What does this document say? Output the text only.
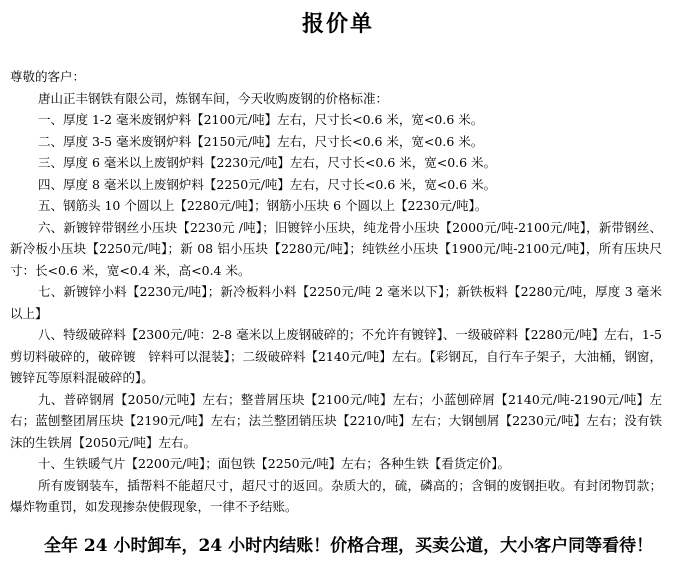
报价单

尊敬的客户：

唐山正丰钢铁有限公司，炼钢车间，今天收购废钢的价格标准：

一、厚度 1-2 毫米废钢炉料【2100元/吨】左右，尺寸长<0.6 米，宽<0.6 米。

二、厚度 3-5 毫米废钢炉料【2150元/吨】左右，尺寸长<0.6 米，宽<0.6 米。

三、厚度 6 毫米以上废钢炉料【2230元/吨】左右，尺寸长<0.6 米，宽<0.6 米。

四、厚度 8 毫米以上废钢炉料【2250元/吨】左右，尺寸长<0.6 米，宽<0.6 米。

五、钢筋头 10 个圆以上【2280元/吨】；钢筋小压块 6 个圆以上【2230元/吨】。

六、新镀锌带钢丝小压块【2230元 /吨】；旧镀锌小压块，纯龙骨小压块【2000元/吨-2100元/吨】，新带钢丝、新冷板小压块【2250元/吨】；新 08 铝小压块【2280元/吨】；纯铁丝小压块【1900元/吨-2100元/吨】，所有压块尺寸：长<0.6 米，宽<0.4 米，高<0.4 米。

七、新镀锌小料【2230元/吨】；新冷板料小料【2250元/吨 2 毫米以下】；新铁板料【2280元/吨，厚度 3 毫米以上】

八、特级破碎料【2300元/吨：2-8 毫米以上废钢破碎的；不允许有镀锌】、一级破碎料【2280元/吨】左右，1-5 剪切料破碎的，破碎镀　锌料可以混装】；二级破碎料【2140元/吨】左右。【彩钢瓦，自行车子架子，大油桶，钢窗，镀锌瓦等原料混破碎的】。

九、普碎钢屑【2050/元吨】左右；整普屑压块【2100元/吨】左右；小蓝刨碎屑【2140元/吨-2190元/吨】左右；蓝刨整团屑压块【2190元/吨】左右；法兰整团销压块【2210/吨】左右；大钢刨屑【2230元/吨】左右；没有铁沫的生铁屑【2050元/吨】左右。

十、生铁暖气片【2200元/吨】；面包铁【2250元/吨】左右；各种生铁【看货定价】。

所有废钢装车，插帮料不能超尺寸，超尺寸的返回。杂质大的，硫，磷高的；含铜的废钢拒收。有封闭物罚款；爆炸物重罚，如发现掺杂使假现象，一律不予结账。

全年 24 小时卸车，24 小时内结账！价格合理，买卖公道，大小客户同等看待！
